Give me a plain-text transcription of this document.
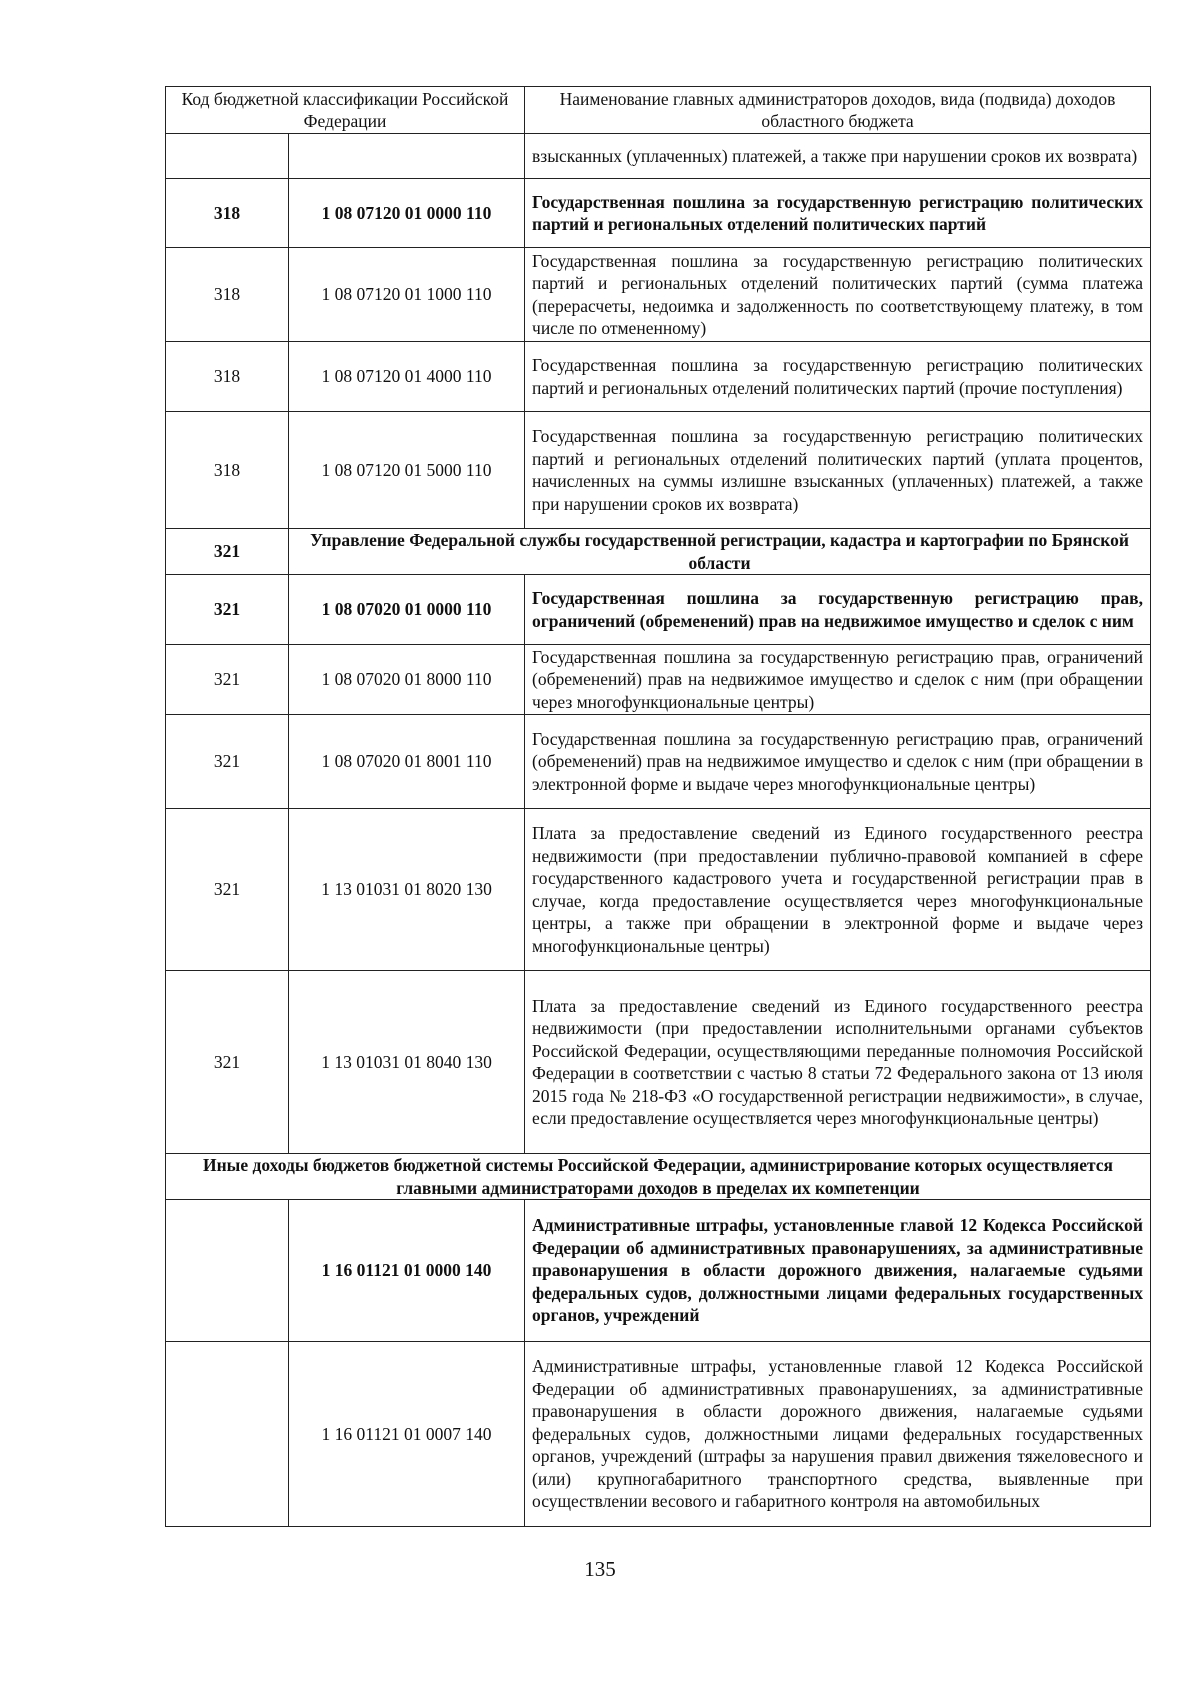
Код бюджетной классификации Российской Федерации		Наименование главных администраторов доходов, вида (подвида) доходов областного бюджета
		взысканных (уплаченных) платежей, а также при нарушении сроков их возврата)
318	1 08 07120 01 0000 110	Государственная пошлина за государственную регистрацию политических партий и региональных отделений политических партий
318	1 08 07120 01 1000 110	Государственная пошлина за государственную регистрацию политических партий и региональных отделений политических партий (сумма платежа (перерасчеты, недоимка и задолженность по соответствующему платежу, в том числе по отмененному)
318	1 08 07120 01 4000 110	Государственная пошлина за государственную регистрацию политических партий и региональных отделений политических партий (прочие поступления)
318	1 08 07120 01 5000 110	Государственная пошлина за государственную регистрацию политических партий и региональных отделений политических партий (уплата процентов, начисленных на суммы излишне взысканных (уплаченных) платежей, а также при нарушении сроков их возврата)
321	Управление Федеральной службы государственной регистрации, кадастра и картографии по Брянской области	
321	1 08 07020 01 0000 110	Государственная пошлина за государственную регистрацию прав, ограничений (обременений) прав на недвижимое имущество и сделок с ним
321	1 08 07020 01 8000 110	Государственная пошлина за государственную регистрацию прав, ограничений (обременений) прав на недвижимое имущество и сделок с ним (при обращении через многофункциональные центры)
321	1 08 07020 01 8001 110	Государственная пошлина за государственную регистрацию прав, ограничений (обременений) прав на недвижимое имущество и сделок с ним (при обращении в электронной форме и выдаче через многофункциональные центры)
321	1 13 01031 01 8020 130	Плата за предоставление сведений из Единого государственного реестра недвижимости (при предоставлении публично-правовой компанией в сфере государственного кадастрового учета и государственной регистрации прав в случае, когда предоставление осуществляется через многофункциональные центры, а также при обращении в электронной форме и выдаче через многофункциональные центры)
321	1 13 01031 01 8040 130	Плата за предоставление сведений из Единого государственного реестра недвижимости (при предоставлении исполнительными органами субъектов Российской Федерации, осуществляющими переданные полномочия Российской Федерации в соответствии с частью 8 статьи 72 Федерального закона от 13 июля 2015 года № 218-ФЗ «О государственной регистрации недвижимости», в случае, если предоставление осуществляется через многофункциональные центры)
Иные доходы бюджетов бюджетной системы Российской Федерации, администрирование которых осуществляется главными администраторами доходов в пределах их компетенции		
	1 16 01121 01 0000 140	Административные штрафы, установленные главой 12 Кодекса Российской Федерации об административных правонарушениях, за административные правонарушения в области дорожного движения, налагаемые судьями федеральных судов, должностными лицами федеральных государственных органов, учреждений
	1 16 01121 01 0007 140	Административные штрафы, установленные главой 12 Кодекса Российской Федерации об административных правонарушениях, за административные правонарушения в области дорожного движения, налагаемые судьями федеральных судов, должностными лицами федеральных государственных органов, учреждений (штрафы за нарушения правил движения тяжеловесного и (или) крупногабаритного транспортного средства, выявленные при осуществлении весового и габаритного контроля на автомобильных
135
